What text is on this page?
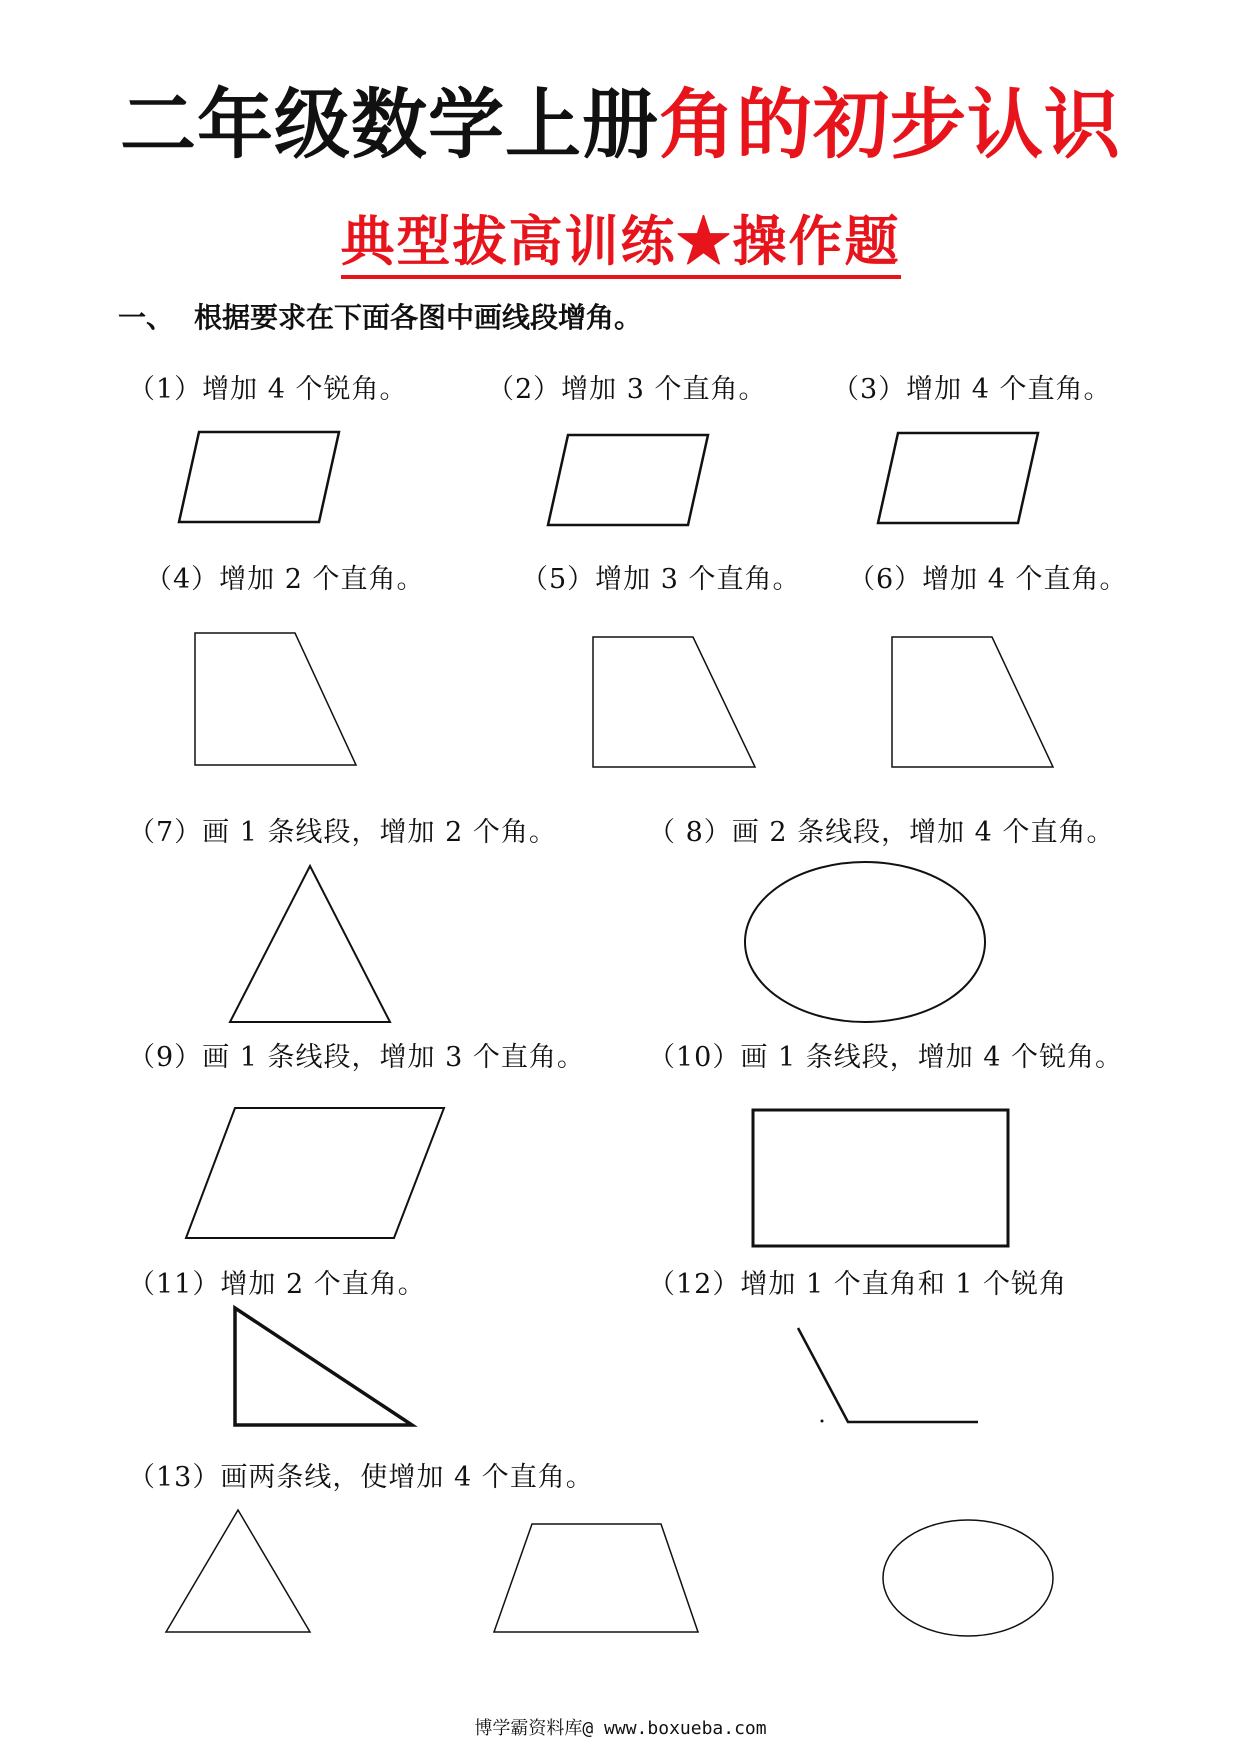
二年级数学上册角的初步认识
典型拔高训练★操作题
一、 根据要求在下面各图中画线段增角。
（1）增加 4 个锐角。	（2）增加 3 个直角。 （3）增加 4 个直角。
（4）增加 2 个直角。	（5）增加 3 个直角。 （6）增加 4 个直角。
（7）画 1 条线段，增加 2 个角。	（ 8）画 2 条线段，增加 4 个直角。
（9）画 1 条线段，增加 3 个直角。 （10）画 1 条线段，增加 4 个锐角。
（11）增加 2 个直角。	（12）增加 1 个直角和 1 个锐角
（13）画两条线，使增加 4 个直角。
博学霸资料库@ www.boxueba.com
